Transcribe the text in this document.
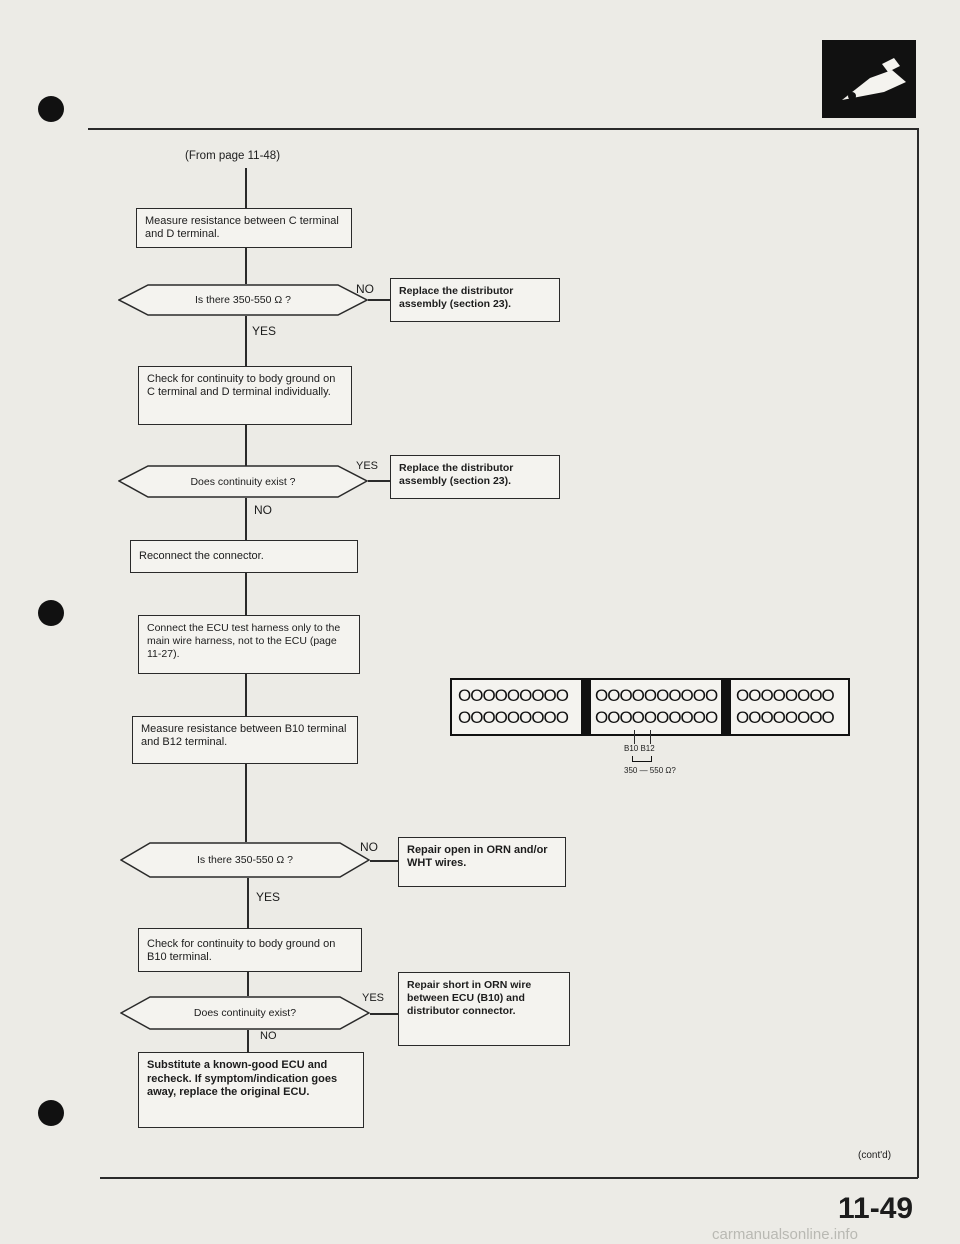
(From page 11-48)
Measure resistance between C terminal and D terminal.
Is there 350-550 Ω ?
NO	Replace the distributor assembly (section 23).
YES
Check for continuity to body ground on C terminal and D terminal individually.
Does continuity exist ?
YES	Replace the distributor assembly (section 23).
NO
Reconnect the connector.
Connect the ECU test harness only to the main wire harness, not to the ECU (page 11-27).
Measure resistance between B10 terminal and B12 terminal.
OOOOOOOOO
OOOOOOOOO
OOOOOOOOOO
OOOOOOOOOO
OOOOOOOO
OOOOOOOO
B10 B12
350 — 550 Ω?
Is there 350-550 Ω ?
NO	Repair open in ORN and/or WHT wires.
YES
Check for continuity to body ground on B10 terminal.
Does continuity exist?
YES
Repair short in ORN wire between ECU (B10) and distributor connector.
NO
Substitute a known-good ECU and recheck. If symptom/indication goes away, replace the original ECU.
(cont'd)
11-49
carmanualsonline.info
